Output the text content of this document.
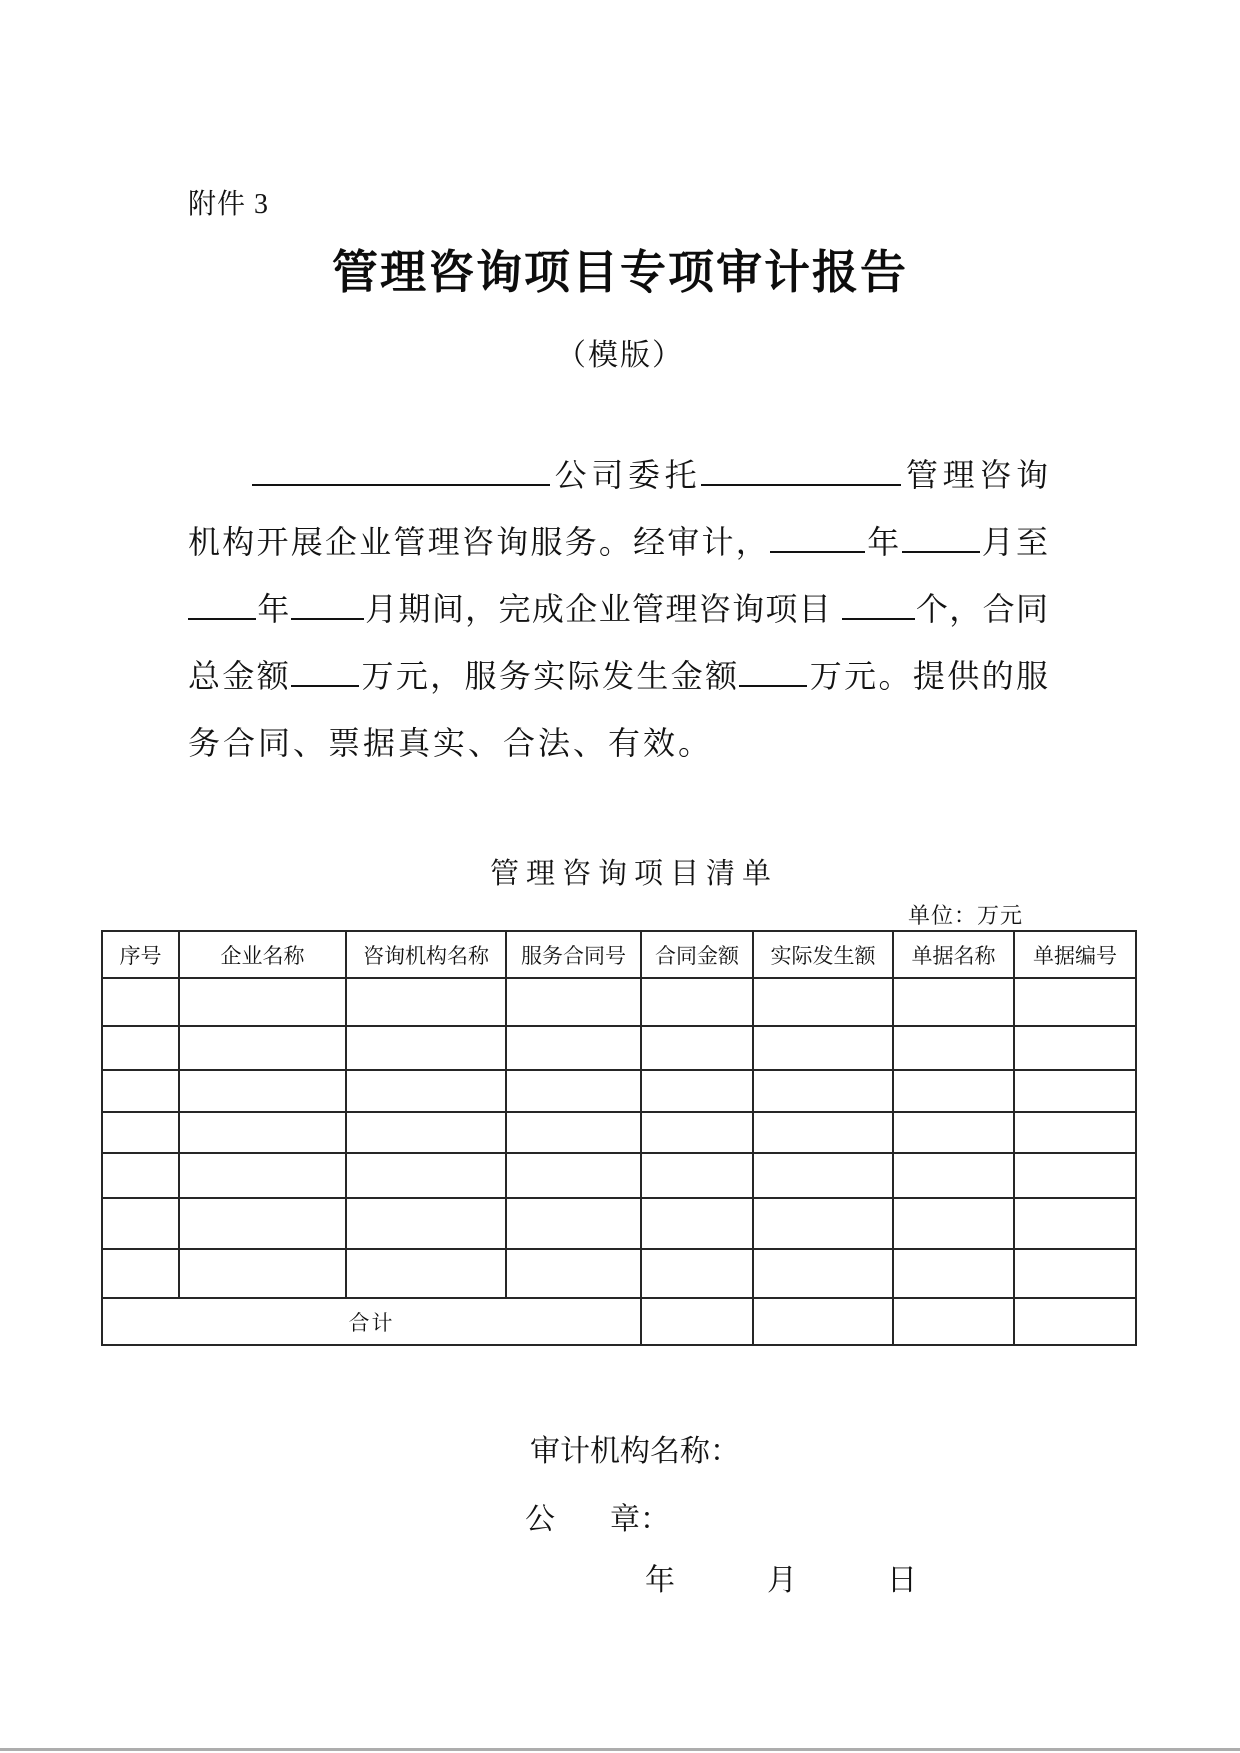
附件 3
管理咨询项目专项审计报告
（模版）
公司委托	管理咨询
机构开展企业管理咨询服务。经审计，	年 月至
年 月期间，完成企业管理咨询项目 个，合同
总金额 万元，服务实际发生金额 万元。提供的服
务合同、票据真实、合法、有效。
管理咨询项目清单
单位：万元
序号	企业名称	咨询机构名称	服务合同号	合同金额	实际发生额	单据名称	单据编号

合计							
审计机构名称：
公 章：
年	月	日
